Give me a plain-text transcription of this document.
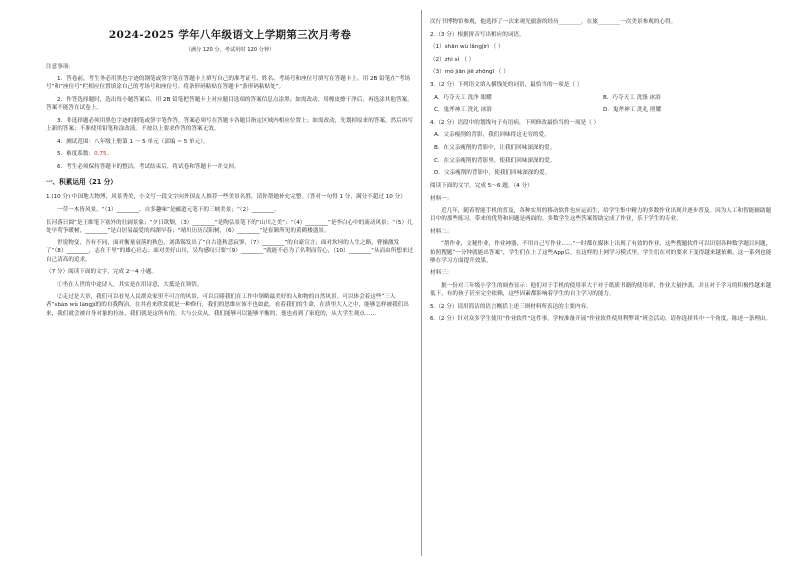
2024-2025 学年八年级语文上学期第三次月考卷
（满分 120 分，考试用时 120 分钟）
注意事项：
1．答卷前，考生务必用黑色字迹的钢笔或签字笔在答题卡上填写自己的准考证号、姓名、考场号和座位号填写在答题卡上。用 2B 铅笔在“考场号”和“座位号”栏相应位置填涂自己的考场号和座位号。将条形码粘贴在答题卡“条形码粘贴处”。
2．作答选择题时，选出每小题答案后，用 2B 铅笔把答题卡上对应题目选项的答案信息点涂黑；如需改动，用橡皮擦干净后，再选涂其他答案。答案不能答在试卷上。
3．非选择题必须用黑色字迹的钢笔或签字笔作答，答案必须写在答题卡各题目指定区域内相应位置上；如需改动，先划掉原来的答案，然后再写上新的答案；不准使用铅笔和涂改液。不按以上要求作答的答案无效。
4．测试范围：八年级上册第 1 ～ 5 单元（部编 ~ 5 单元）。
5．难度系数：0.75。
6．考生必须保持答题卡的整洁。考试结束后，将试卷和答题卡一并交回。
一、积累运用（21 分）
1.(10 分) 中国地大物博，风景秀美，小文写一段文字向外国友人推荐一些美景名胜，请你帮她补充完整。（答对一句得 1 分，满分不超过 10 分）
一草一木皆风景，“（1）________，自多趣味”是郦道元笔下的三峡美景；“（2）________，
长河落日圆”是王维笔下塞外的壮阔景象；“夕日欲颓，（3）________”是陶弘景笔下的“山川之美”；“（4）________”是李白心中的流动风景；“（5）几处早莺争暖树，________”是白居易最爱的西湖早春；“晴川历历汉阳树，（6）________”是崔颢所见的黄鹤楼盛景。
世说物变，吾有不同，面对衡量衰落的秋色，刘禹锡发出了“自古逢秋悲寂寥，（7）________”的自豪宣言；面对坎坷的人生之路，曹操激发了“（8）________，志在千里”的雄心壮志；面对美好山川，吴均感叹只要“（9）________”就能不必为了名利而劳心，（10）________“从而由所想来过自己清高的追求。
（7 分）阅读下面的文字，完成 2～4 小题。
①坐在人世的中途诗人，其实是在用诗意，大抵是在领悟。
②走过是大章，我们可以看见人民群众家里不可言的风景，可以目睹我们在工作中领略最美好的人和物的自然风景。可以体会着这些“三人者”shàn wù làngjí的的自我陶冶。在其看来欣赏就是一种修行，我们的思维应该不也如此。看着我们的生命，在质里大人之中，能够怎样被我们出来，我们就会被自身对象的拉扯，我们就是这所有的。大与公众从，我们能够可以能够平衡的，他也看到了家庭的，从大学生观点……
次行书博物馆参观，他选择了一次来观光旅游的经历________，在旅________一次美景参观的心得。
2.（3 分）根据拼音写出相应的词语。
（1）shān wù lǎngjìrì （ ）
（2）zhì xì （ ）
（3）mò jiān jiē zhōngī （ ）
3.（2 分）下列语文填入横线处的词语，最恰当的一项是（ ）
A．巧夺天工 洗净 眼耀	B．巧夺天工 洗涤 冰浴
C．鬼斧神工 洗礼 冰浴	D．鬼斧神工 洗礼 照耀
4.（2 分）语段中的划线句子有语病，下列修改最恰当的一项是（ ）
A．父亲瘦削的背影，我们回味得这无穷的爱。
B．在父亲瘦削的背影中，让我们回味深深的爱。
C．在父亲瘦削的背影里，使我们回味深深的爱。
D．父亲瘦削的背影中，使我们回味深深的爱。
阅读下面的文字，完成 5～6 题。（4 分）
材料一：
近几年，随着智能手机的普及，各种实用的移动软件也应运而生，给学生集中精力的多数作业出现并逐步普及。因为人工和智能辅助题目中的那些练习，带来的优势和问题是两面的。多数学生这些答案帮助完成了作业，乐于学生的专业。
材料二：
“帮作业，文秘作业，作业神器，不用自己写作业……”一时都在媒体上出现了有效的作业，这些搜题软件可以识别各种数学题目问题，拍照搜题“一分钟就能出答案”，学生们在上了这些App后，在这样的上网学习模式里，学生们在对的要求下变得越来越依赖，这一系列也能够在学习方面提升效果。
材料三：
据一份对三年级小学生的调查显示：他们对于手机的使用率大于对于纸质书籍的使用率，作业大量抄袭，并且对于学习的积极性越来越低下，有的孩子甚至完全依赖，这些因素都影响着学生的自主学习的能力。
5.（2 分）请用简洁的语言概括上述三则材料所表达的主要内容。
6.（2 分）针对众多学生使用“作业软件”这件事，学校准备开展“作业软件使用利弊谈”班会活动，请你选择其中一个角度，陈述一条理由。
